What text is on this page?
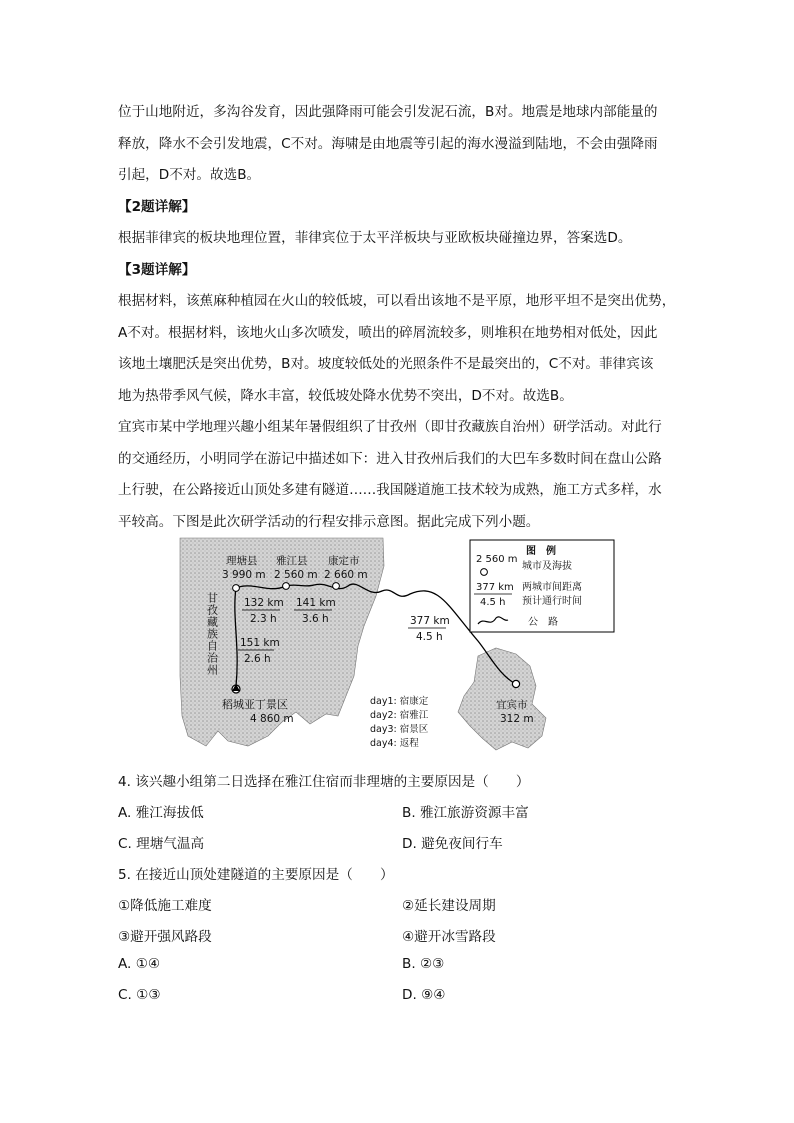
位于山地附近，多沟谷发育，因此强降雨可能会引发泥石流，B对。地震是地球内部能量的

释放，降水不会引发地震，C不对。海啸是由地震等引起的海水漫溢到陆地，不会由强降雨

引起，D不对。故选B。

【2题详解】

根据菲律宾的板块地理位置，菲律宾位于太平洋板块与亚欧板块碰撞边界，答案选D。

【3题详解】

根据材料，该蕉麻种植园在火山的较低坡，可以看出该地不是平原，地形平坦不是突出优势，

A不对。根据材料，该地火山多次喷发，喷出的碎屑流较多，则堆积在地势相对低处，因此

该地土壤肥沃是突出优势，B对。坡度较低处的光照条件不是最突出的，C不对。菲律宾该

地为热带季风气候，降水丰富，较低坡处降水优势不突出，D不对。故选B。

宜宾市某中学地理兴趣小组某年暑假组织了甘孜州（即甘孜藏族自治州）研学活动。对此行

的交通经历，小明同学在游记中描述如下：进入甘孜州后我们的大巴车多数时间在盘山公路

上行驶，在公路接近山顶处多建有隧道……我国隧道施工技术较为成熟，施工方式多样，水

平较高。下图是此次研学活动的行程安排示意图。据此完成下列小题。

甘孜藏族自治州
理塘县
3 990 m
雅江县
2 560 m
康定市
2 660 m
132 km
2.3 h
141 km
3.6 h	377 km
4.5 h
151 km
2.6 h
稻城亚丁景区
4 860 m
宜宾市
312 m
day1: 宿康定
day2: 宿雅江
day3: 宿景区
day4: 返程
图　例
2 560 m
城市及海拔
377 km
4.5 h
两城市间距离
预计通行时间
公　路
4. 该兴趣小组第二日选择在雅江住宿而非理塘的主要原因是（　　）
A. 雅江海拔低	B. 雅江旅游资源丰富
C. 理塘气温高	D. 避免夜间行车
5. 在接近山顶处建隧道的主要原因是（　　）
①降低施工难度	②延长建设周期
③避开强风路段	④避开冰雪路段
A. ①④	B. ②③
C. ①③	D. ⑨④
